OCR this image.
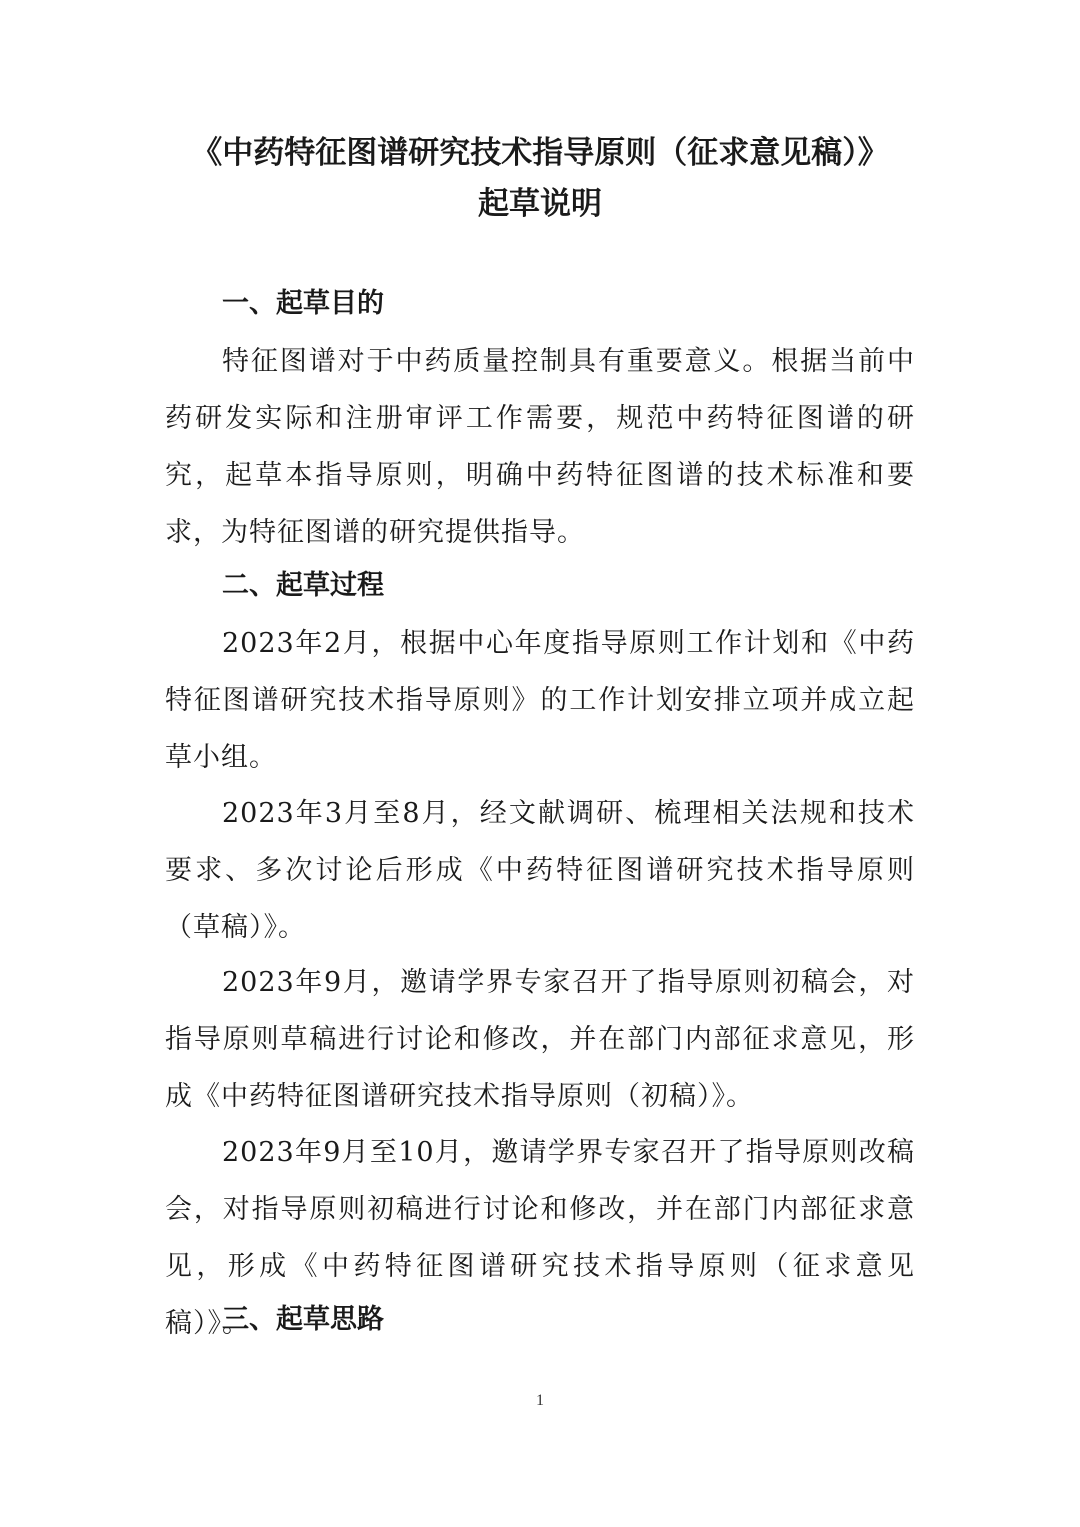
《中药特征图谱研究技术指导原则（征求意见稿）》
起草说明
一、起草目的
特征图谱对于中药质量控制具有重要意义。根据当前中药研发实际和注册审评工作需要，规范中药特征图谱的研究，起草本指导原则，明确中药特征图谱的技术标准和要求，为特征图谱的研究提供指导。
二、起草过程
2023年2月，根据中心年度指导原则工作计划和《中药特征图谱研究技术指导原则》的工作计划安排立项并成立起草小组。
2023年3月至8月，经文献调研、梳理相关法规和技术要求、多次讨论后形成《中药特征图谱研究技术指导原则（草稿）》。
2023年9月，邀请学界专家召开了指导原则初稿会，对指导原则草稿进行讨论和修改，并在部门内部征求意见，形成《中药特征图谱研究技术指导原则（初稿）》。
2023年9月至10月，邀请学界专家召开了指导原则改稿会，对指导原则初稿进行讨论和修改，并在部门内部征求意见，形成《中药特征图谱研究技术指导原则（征求意见稿）》。
三、起草思路
1
